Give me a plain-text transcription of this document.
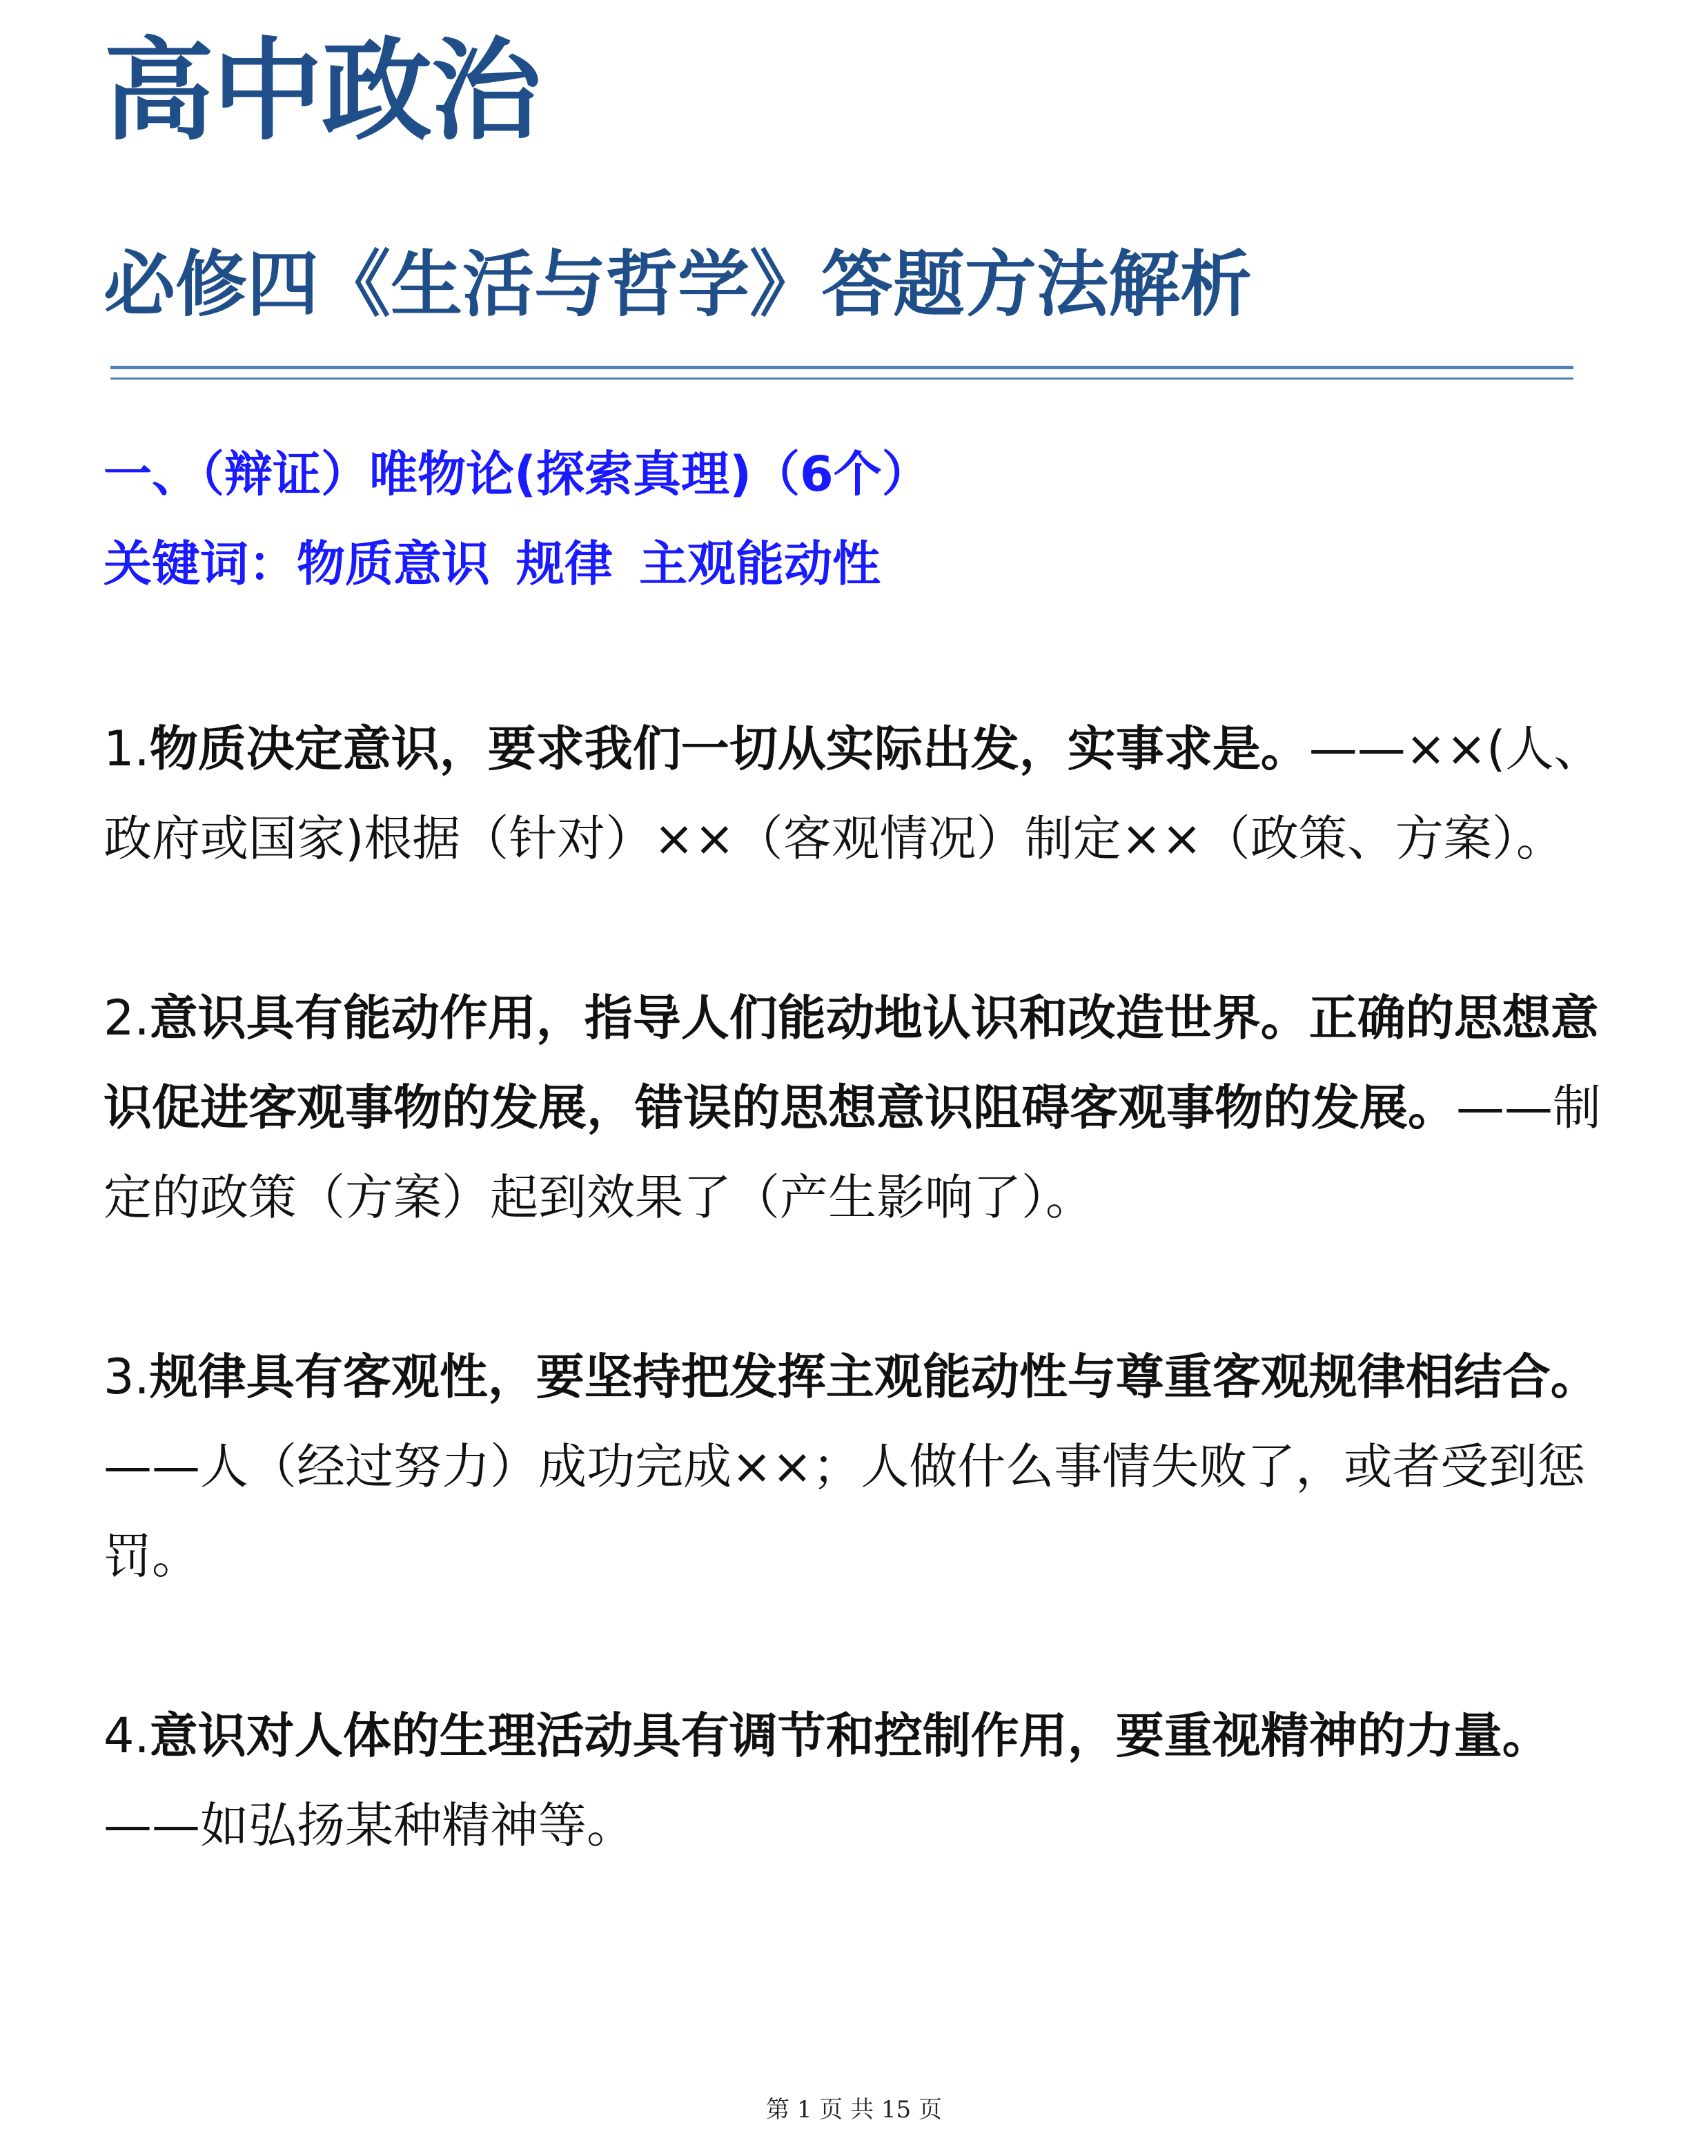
高中政治
必修四《生活与哲学》答题方法解析
一、（辩证）唯物论(探索真理)（6个）
关键词：物质意识 规律 主观能动性
1.物质决定意识，要求我们一切从实际出发，实事求是。——××(人、政府或国家)根据（针对）××（客观情况）制定××（政策、方案）。
2.意识具有能动作用，指导人们能动地认识和改造世界。正确的思想意识促进客观事物的发展，错误的思想意识阻碍客观事物的发展。——制定的政策（方案）起到效果了（产生影响了）。
3.规律具有客观性，要坚持把发挥主观能动性与尊重客观规律相结合。——人（经过努力）成功完成××；人做什么事情失败了，或者受到惩罚。
4.意识对人体的生理活动具有调节和控制作用，要重视精神的力量。——如弘扬某种精神等。
第 1 页 共 15 页
